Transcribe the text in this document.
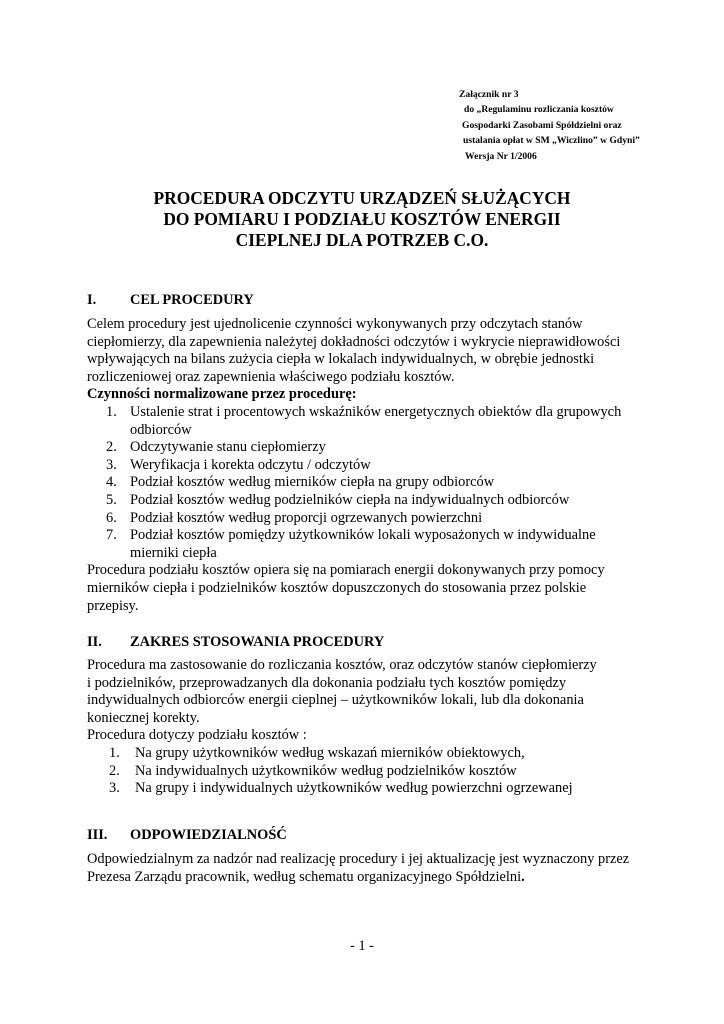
Załącznik nr 3
do „Regulaminu rozliczania kosztów
Gospodarki Zasobami Spółdzielni oraz
ustalania opłat w SM „Wiczlino” w Gdyni”
Wersja Nr 1/2006
PROCEDURA ODCZYTU URZĄDZEŃ SŁUŻĄCYCH
DO POMIARU I PODZIAŁU KOSZTÓW ENERGII
CIEPLNEJ DLA POTRZEB C.O.
I. CEL PROCEDURY
Celem procedury jest ujednolicenie czynności wykonywanych przy odczytach stanów
ciepłomierzy, dla zapewnienia należytej dokładności odczytów i wykrycie nieprawidłowości
wpływających na bilans zużycia ciepła w lokalach indywidualnych, w obrębie jednostki
rozliczeniowej oraz zapewnienia właściwego podziału kosztów.
Czynności normalizowane przez procedurę:
1. Ustalenie strat i procentowych wskaźników energetycznych obiektów dla grupowych
odbiorców
2. Odczytywanie stanu ciepłomierzy
3. Weryfikacja i korekta odczytu / odczytów
4. Podział kosztów według mierników ciepła na grupy odbiorców
5. Podział kosztów według podzielników ciepła na indywidualnych odbiorców
6. Podział kosztów według proporcji ogrzewanych powierzchni
7. Podział kosztów pomiędzy użytkowników lokali wyposażonych w indywidualne
mierniki ciepła
Procedura podziału kosztów opiera się na pomiarach energii dokonywanych przy pomocy
mierników ciepła i podzielników kosztów dopuszczonych do stosowania przez polskie
przepisy.
II. ZAKRES STOSOWANIA PROCEDURY
Procedura ma zastosowanie do rozliczania kosztów, oraz odczytów stanów ciepłomierzy
i podzielników, przeprowadzanych dla dokonania podziału tych kosztów pomiędzy
indywidualnych odbiorców energii cieplnej – użytkowników lokali, lub dla dokonania
koniecznej korekty.
Procedura dotyczy podziału kosztów :
1. Na grupy użytkowników według wskazań mierników obiektowych,
2. Na indywidualnych użytkowników według podzielników kosztów
3. Na grupy i indywidualnych użytkowników według powierzchni ogrzewanej
III. ODPOWIEDZIALNOŚĆ
Odpowiedzialnym za nadzór nad realizację procedury i jej aktualizację jest wyznaczony przez
Prezesa Zarządu pracownik, według schematu organizacyjnego Spółdzielni.
- 1 -
